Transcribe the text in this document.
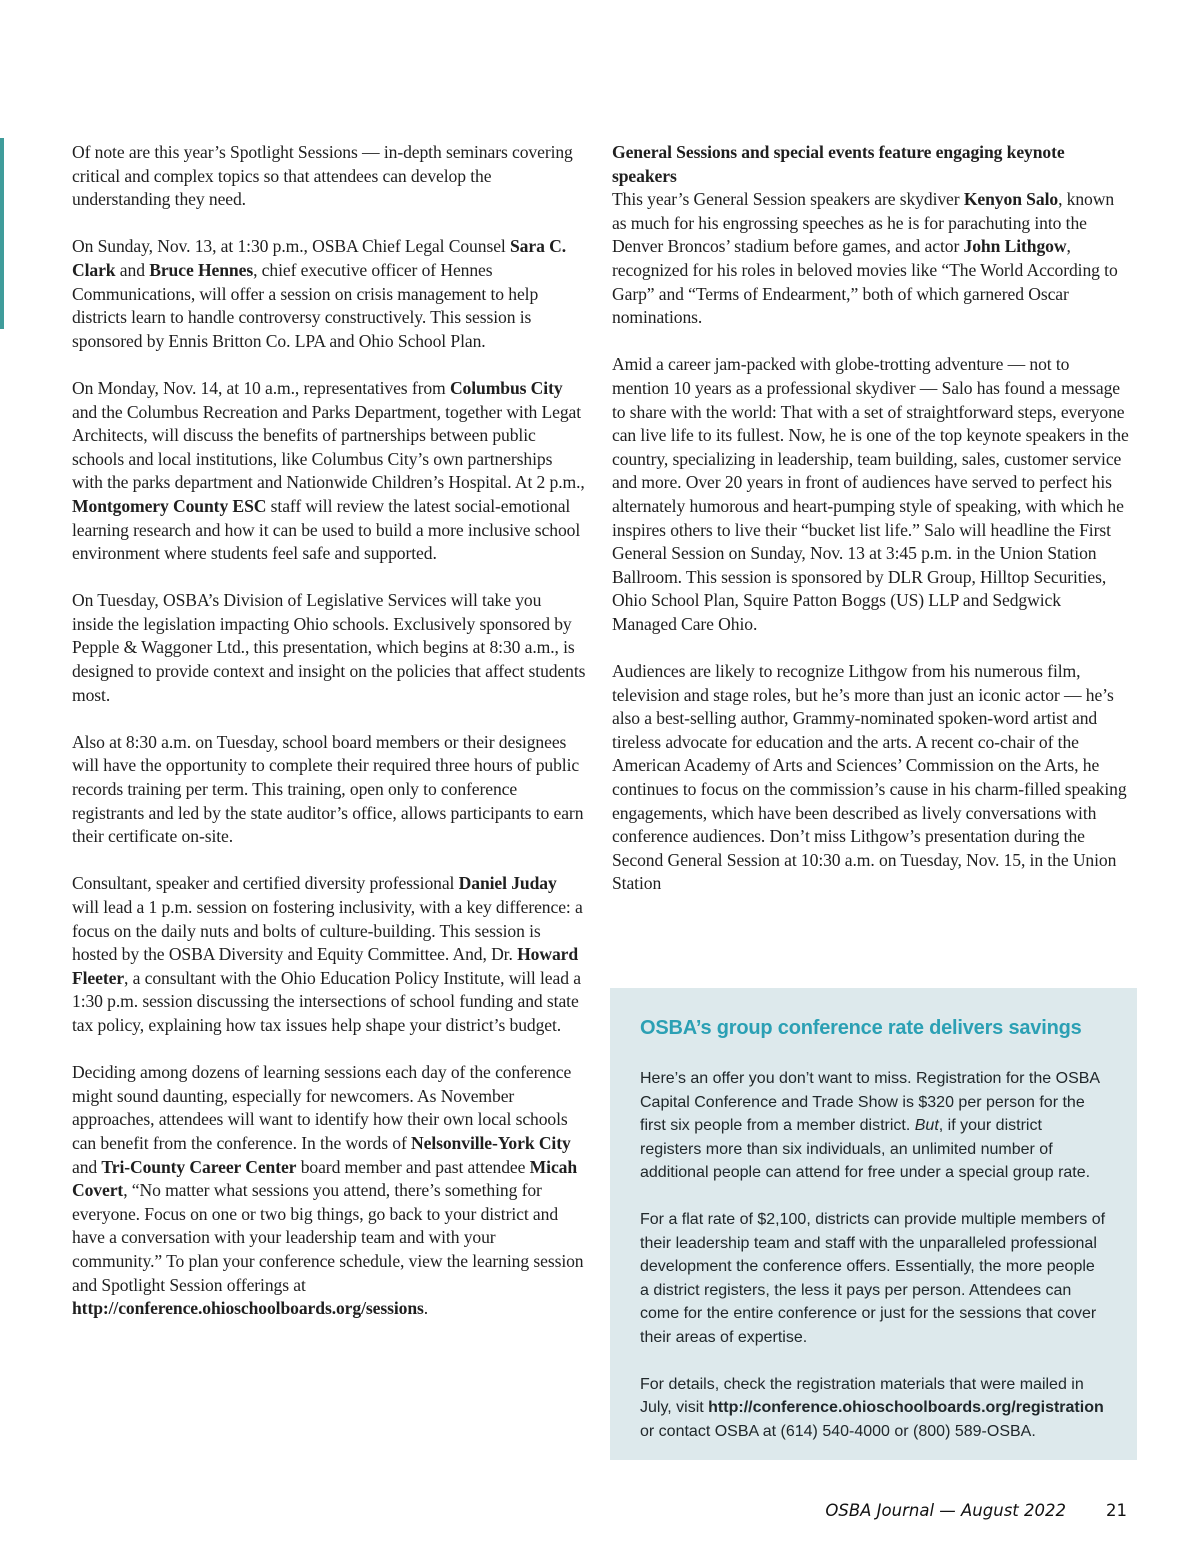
Of note are this year’s Spotlight Sessions — in-depth seminars covering critical and complex topics so that attendees can develop the understanding they need.

On Sunday, Nov. 13, at 1:30 p.m., OSBA Chief Legal Counsel Sara C. Clark and Bruce Hennes, chief executive officer of Hennes Communications, will offer a session on crisis management to help districts learn to handle controversy constructively. This session is sponsored by Ennis Britton Co. LPA and Ohio School Plan.

On Monday, Nov. 14, at 10 a.m., representatives from Columbus City and the Columbus Recreation and Parks Department, together with Legat Architects, will discuss the benefits of partnerships between public schools and local institutions, like Columbus City’s own partnerships with the parks department and Nationwide Children’s Hospital. At 2 p.m., Montgomery County ESC staff will review the latest social-emotional learning research and how it can be used to build a more inclusive school environment where students feel safe and supported.

On Tuesday, OSBA’s Division of Legislative Services will take you inside the legislation impacting Ohio schools. Exclusively sponsored by Pepple & Waggoner Ltd., this presentation, which begins at 8:30 a.m., is designed to provide context and insight on the policies that affect students most.

Also at 8:30 a.m. on Tuesday, school board members or their designees will have the opportunity to complete their required three hours of public records training per term. This training, open only to conference registrants and led by the state auditor’s office, allows participants to earn their certificate on-site.

Consultant, speaker and certified diversity professional Daniel Juday will lead a 1 p.m. session on fostering inclusivity, with a key difference: a focus on the daily nuts and bolts of culture-building. This session is hosted by the OSBA Diversity and Equity Committee. And, Dr. Howard Fleeter, a consultant with the Ohio Education Policy Institute, will lead a 1:30 p.m. session discussing the intersections of school funding and state tax policy, explaining how tax issues help shape your district’s budget.

Deciding among dozens of learning sessions each day of the conference might sound daunting, especially for newcomers. As November approaches, attendees will want to identify how their own local schools can benefit from the conference. In the words of Nelsonville-York City and Tri-County Career Center board member and past attendee Micah Covert, “No matter what sessions you attend, there’s something for everyone. Focus on one or two big things, go back to your district and have a conversation with your leadership team and with your community.” To plan your conference schedule, view the learning session and Spotlight Session offerings at http://conference.ohioschoolboards.org/sessions.

General Sessions and special events feature engaging keynote speakers

This year’s General Session speakers are skydiver Kenyon Salo, known as much for his engrossing speeches as he is for parachuting into the Denver Broncos’ stadium before games, and actor John Lithgow, recognized for his roles in beloved movies like “The World According to Garp” and “Terms of Endearment,” both of which garnered Oscar nominations.

Amid a career jam-packed with globe-trotting adventure — not to mention 10 years as a professional skydiver — Salo has found a message to share with the world: That with a set of straightforward steps, everyone can live life to its fullest. Now, he is one of the top keynote speakers in the country, specializing in leadership, team building, sales, customer service and more. Over 20 years in front of audiences have served to perfect his alternately humorous and heart-pumping style of speaking, with which he inspires others to live their “bucket list life.” Salo will headline the First General Session on Sunday, Nov. 13 at 3:45 p.m. in the Union Station Ballroom. This session is sponsored by DLR Group, Hilltop Securities, Ohio School Plan, Squire Patton Boggs (US) LLP and Sedgwick Managed Care Ohio.

Audiences are likely to recognize Lithgow from his numerous film, television and stage roles, but he’s more than just an iconic actor — he’s also a best-selling author, Grammy-nominated spoken-word artist and tireless advocate for education and the arts. A recent co-chair of the American Academy of Arts and Sciences’ Commission on the Arts, he continues to focus on the commission’s cause in his charm-filled speaking engagements, which have been described as lively conversations with conference audiences. Don’t miss Lithgow’s presentation during the Second General Session at 10:30 a.m. on Tuesday, Nov. 15, in the Union Station

OSBA’s group conference rate delivers savings

Here’s an offer you don’t want to miss. Registration for the OSBA Capital Conference and Trade Show is $320 per person for the first six people from a member district. But, if your district registers more than six individuals, an unlimited number of additional people can attend for free under a special group rate.

For a flat rate of $2,100, districts can provide multiple members of their leadership team and staff with the unparalleled professional development the conference offers. Essentially, the more people a district registers, the less it pays per person. Attendees can come for the entire conference or just for the sessions that cover their areas of expertise.

For details, check the registration materials that were mailed in July, visit http://conference.ohioschoolboards.org/registration or contact OSBA at (614) 540-4000 or (800) 589-OSBA.

OSBA Journal — August 2022 21
